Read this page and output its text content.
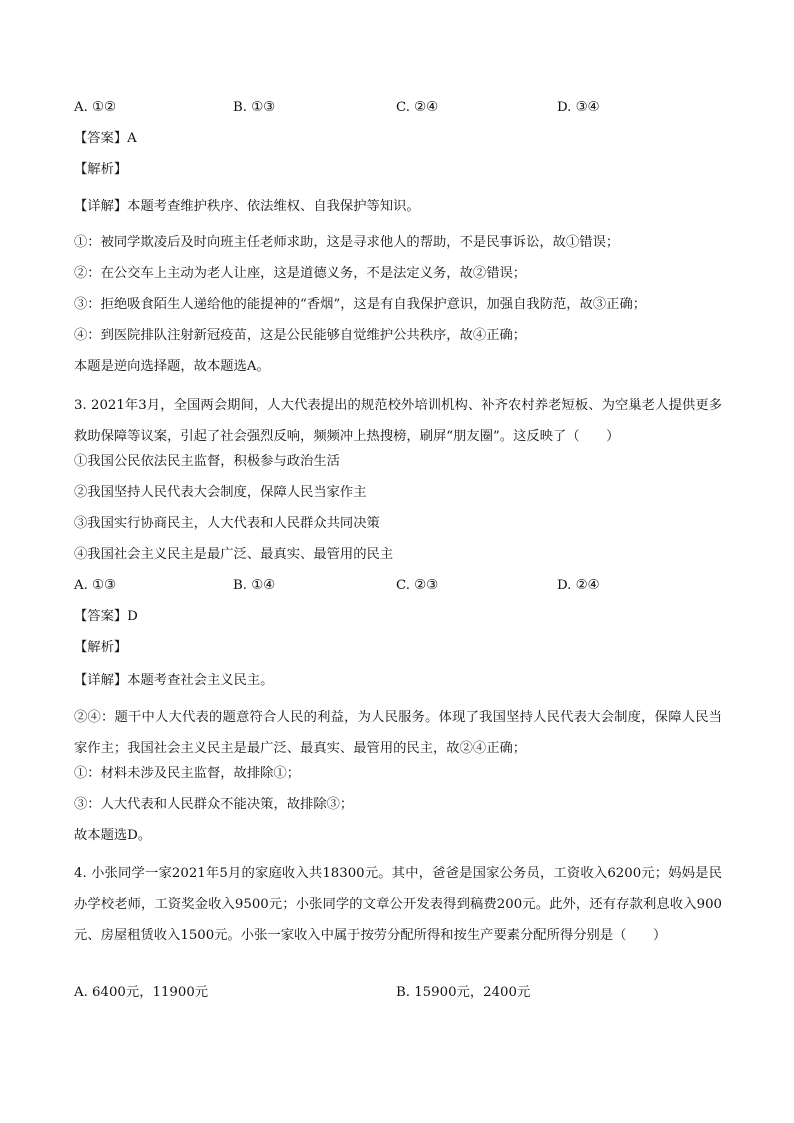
A. ①②	B. ①③	C. ②④	D. ③④
【答案】A
【解析】
【详解】本题考查维护秩序、依法维权、自我保护等知识。
①：被同学欺凌后及时向班主任老师求助，这是寻求他人的帮助，不是民事诉讼，故①错误；
②：在公交车上主动为老人让座，这是道德义务，不是法定义务，故②错误；
③：拒绝吸食陌生人递给他的能提神的“香烟”，这是有自我保护意识，加强自我防范，故③正确；
④：到医院排队注射新冠疫苗，这是公民能够自觉维护公共秩序，故④正确；
本题是逆向选择题，故本题选A。
3. 2021年3月，全国两会期间，人大代表提出的规范校外培训机构、补齐农村养老短板、为空巢老人提供更多救助保障等议案，引起了社会强烈反响，频频冲上热搜榜，刷屏“朋友圈”。这反映了（　　）
①我国公民依法民主监督，积极参与政治生活
②我国坚持人民代表大会制度，保障人民当家作主
③我国实行协商民主，人大代表和人民群众共同决策
④我国社会主义民主是最广泛、最真实、最管用的民主
A. ①③	B. ①④	C. ②③	D. ②④
【答案】D
【解析】
【详解】本题考查社会主义民主。
②④：题干中人大代表的题意符合人民的利益，为人民服务。体现了我国坚持人民代表大会制度，保障人民当家作主；我国社会主义民主是最广泛、最真实、最管用的民主，故②④正确；
①：材料未涉及民主监督，故排除①；
③：人大代表和人民群众不能决策，故排除③；
故本题选D。
4. 小张同学一家2021年5月的家庭收入共18300元。其中，爸爸是国家公务员，工资收入6200元；妈妈是民办学校老师，工资奖金收入9500元；小张同学的文章公开发表得到稿费200元。此外，还有存款利息收入900元、房屋租赁收入1500元。小张一家收入中属于按劳分配所得和按生产要素分配所得分别是（　　）
A. 6400元，11900元	B. 15900元，2400元
